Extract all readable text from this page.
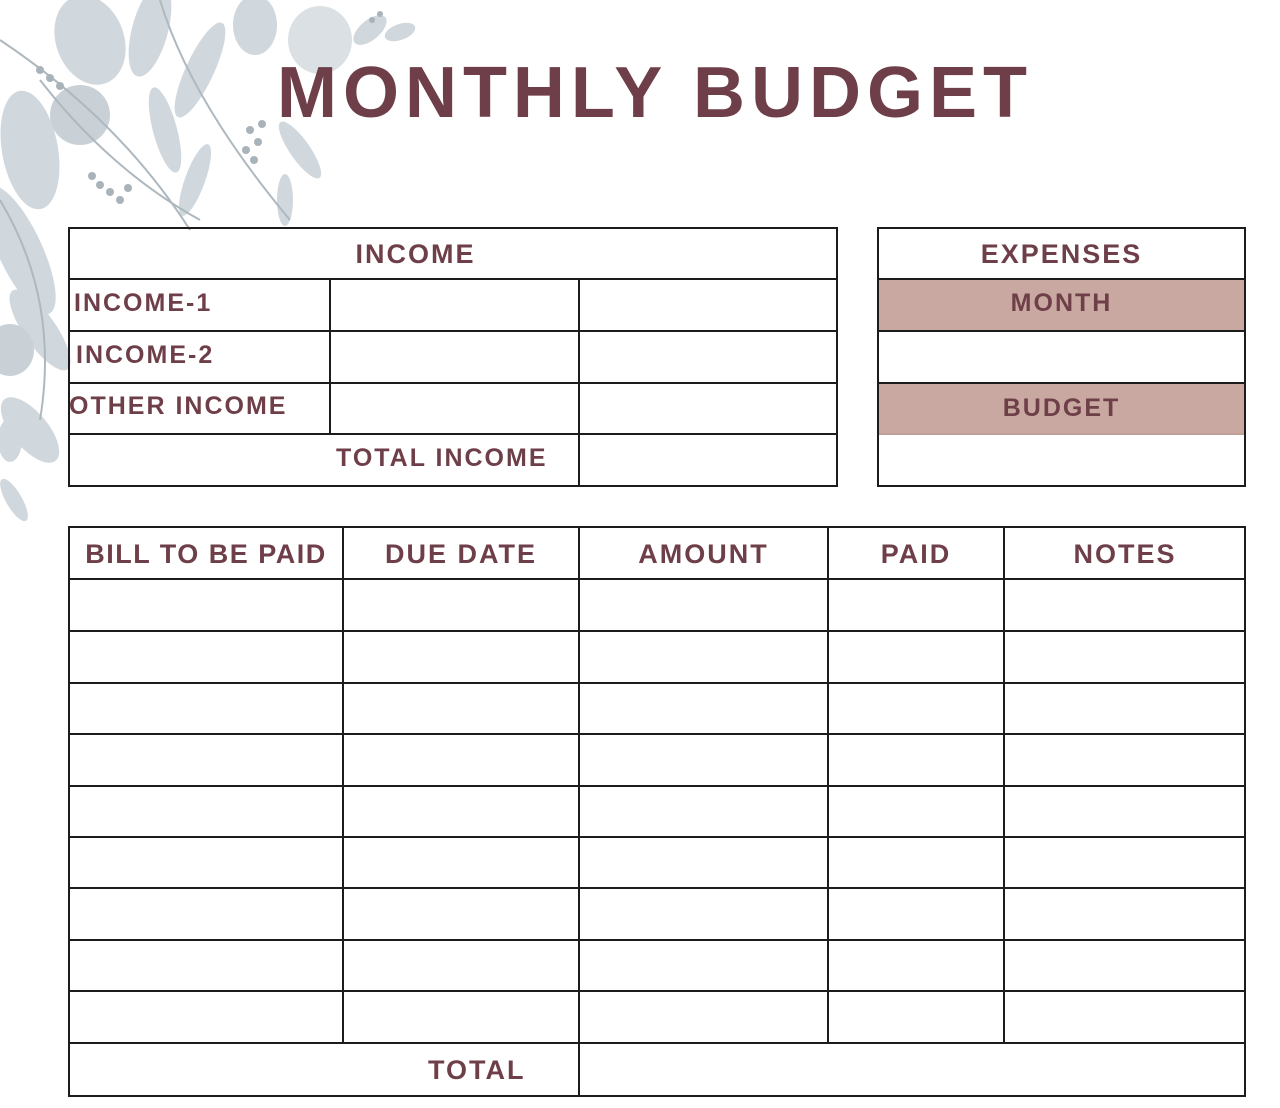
MONTHLY BUDGET
INCOME
INCOME-1
INCOME-2
OTHER INCOME
TOTAL INCOME
EXPENSES
MONTH
BUDGET
BILL TO BE PAID	DUE DATE	AMOUNT	PAID	NOTES
TOTAL
